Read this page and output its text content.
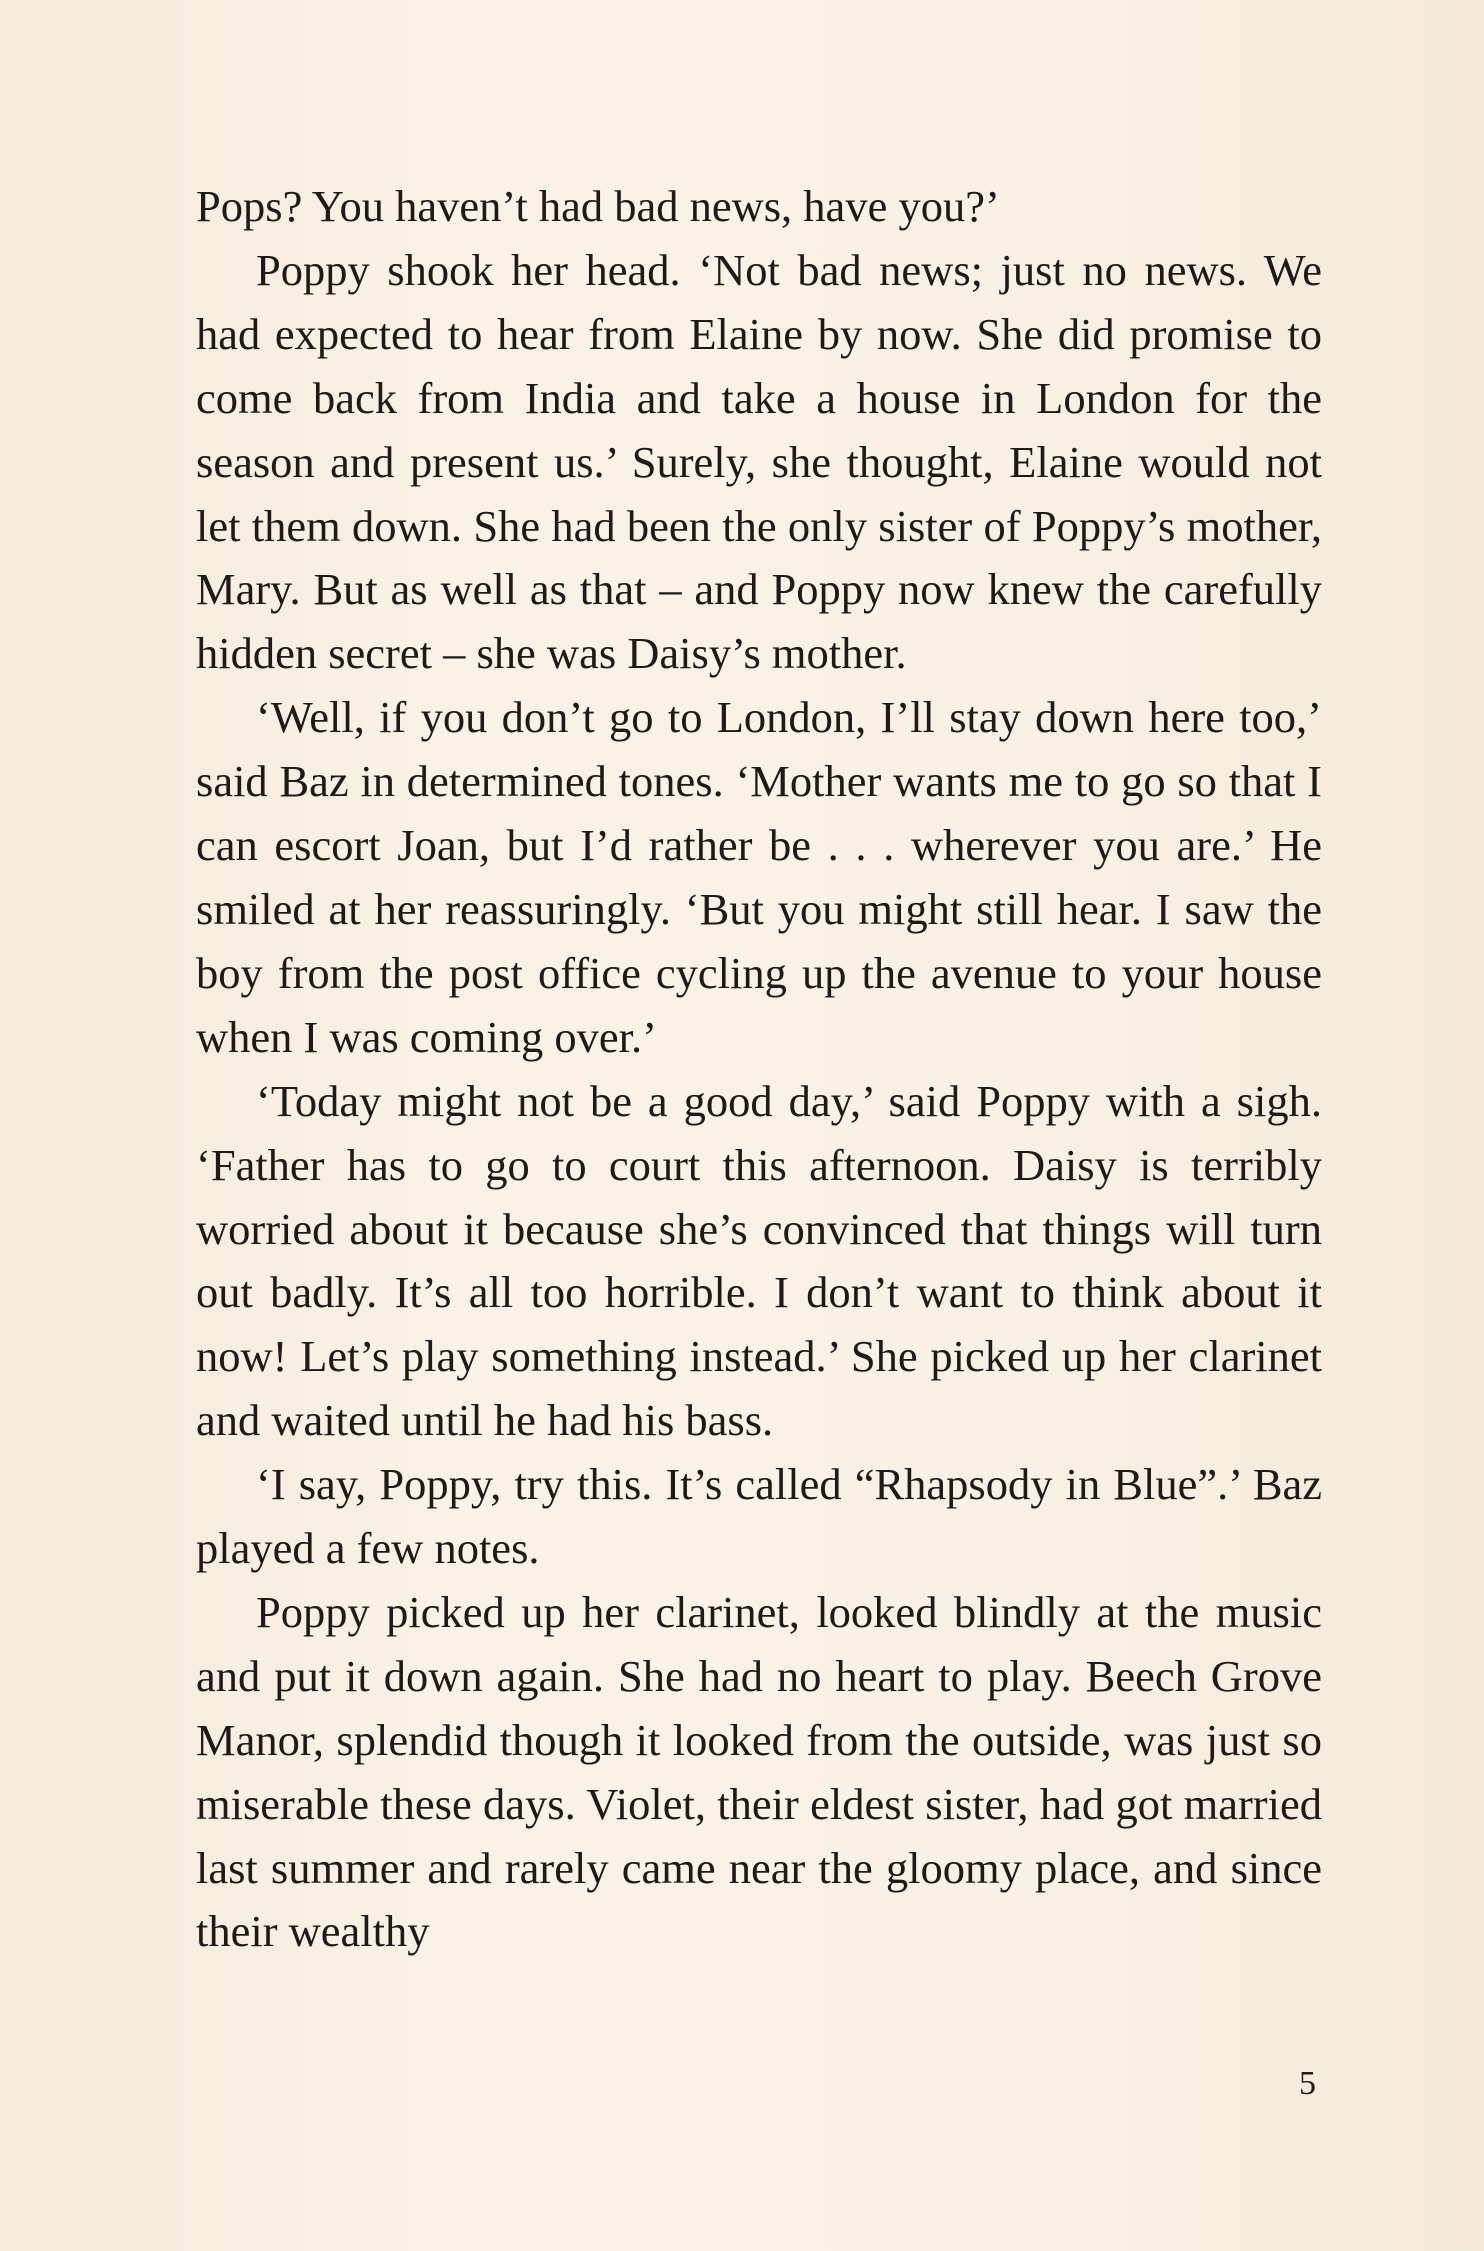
Pops? You haven’t had bad news, have you?’

Poppy shook her head. ‘Not bad news; just no news. We had expected to hear from Elaine by now. She did promise to come back from India and take a house in London for the season and present us.’ Surely, she thought, Elaine would not let them down. She had been the only sister of Poppy’s mother, Mary. But as well as that – and Poppy now knew the carefully hidden secret – she was Daisy’s mother.

‘Well, if you don’t go to London, I’ll stay down here too,’ said Baz in determined tones. ‘Mother wants me to go so that I can escort Joan, but I’d rather be . . . wherever you are.’ He smiled at her reassuringly. ‘But you might still hear. I saw the boy from the post office cycling up the avenue to your house when I was coming over.’

‘Today might not be a good day,’ said Poppy with a sigh. ‘Father has to go to court this afternoon. Daisy is terribly worried about it because she’s convinced that things will turn out badly. It’s all too horrible. I don’t want to think about it now! Let’s play something instead.’ She picked up her clarinet and waited until he had his bass.

‘I say, Poppy, try this. It’s called “Rhapsody in Blue”.’ Baz played a few notes.

Poppy picked up her clarinet, looked blindly at the music and put it down again. She had no heart to play. Beech Grove Manor, splendid though it looked from the outside, was just so miserable these days. Violet, their eldest sister, had got married last summer and rarely came near the gloomy place, and since their wealthy

5
